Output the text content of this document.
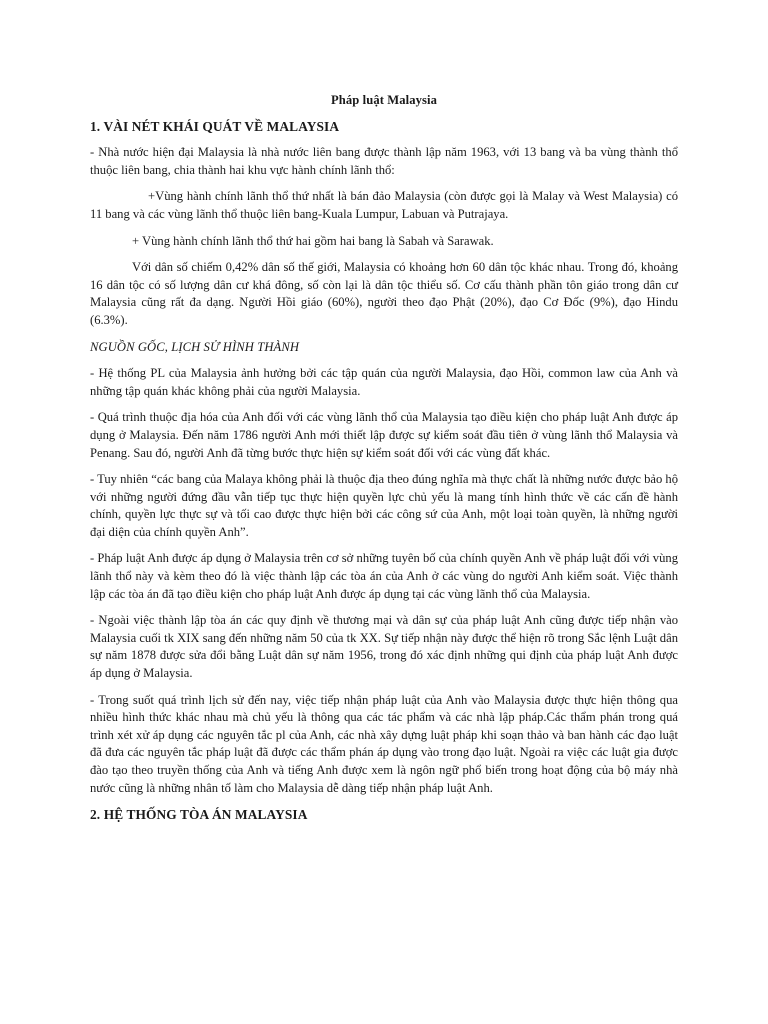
Pháp luật Malaysia
1. VÀI NÉT KHÁI QUÁT VỀ MALAYSIA

- Nhà nước hiện đại Malaysia là nhà nước liên bang được thành lập năm 1963, với 13 bang và ba vùng thành thổ thuộc liên bang, chia thành hai khu vực hành chính lãnh thổ:

+Vùng hành chính lãnh thổ thứ nhất là bán đảo Malaysia (còn được gọi là Malay và West Malaysia) có 11 bang và các vùng lãnh thổ thuộc liên bang-Kuala Lumpur, Labuan và Putrajaya.

+ Vùng hành chính lãnh thổ thứ hai gồm hai bang là Sabah và Sarawak.

Với dân số chiếm 0,42% dân số thế giới, Malaysia có khoảng hơn 60 dân tộc khác nhau. Trong đó, khoảng 16 dân tộc có số lượng dân cư khá đông, số còn lại là dân tộc thiểu số. Cơ cấu thành phần tôn giáo trong dân cư Malaysia cũng rất đa dạng. Người Hồi giáo (60%), người theo đạo Phật (20%), đạo Cơ Đốc (9%), đạo Hindu (6.3%).

NGUỒN GỐC, LỊCH SỬ HÌNH THÀNH

- Hệ thống PL của Malaysia ảnh hưởng bởi các tập quán của người Malaysia, đạo Hồi, common law của Anh và những tập quán khác không phải của người Malaysia.

- Quá trình thuộc địa hóa của Anh đối với các vùng lãnh thổ của Malaysia tạo điều kiện cho pháp luật Anh được áp dụng ở Malaysia. Đến năm 1786 người Anh mới thiết lập được sự kiểm soát đầu tiên ở vùng lãnh thổ Malaysia và Penang. Sau đó, người Anh đã từng bước thực hiện sự kiểm soát đối với các vùng đất khác.

- Tuy nhiên “các bang của Malaya không phải là thuộc địa theo đúng nghĩa mà thực chất là những nước được bảo hộ với những người đứng đầu vẫn tiếp tục thực hiện quyền lực chủ yếu là mang tính hình thức về các cấn đề hành chính, quyền lực thực sự và tối cao được thực hiện bởi các công sứ của Anh, một loại toàn quyền, là những người đại diện của chính quyền Anh”.

- Pháp luật Anh được áp dụng ở Malaysia trên cơ sở những tuyên bố của chính quyền Anh về pháp luật đối với vùng lãnh thổ này và kèm theo đó là việc thành lập các tòa án của Anh ở các vùng do người Anh kiểm soát. Việc thành lập các tòa án đã tạo điều kiện cho pháp luật Anh được áp dụng tại các vùng lãnh thổ của Malaysia.

- Ngoài việc thành lập tòa án các quy định về thương mại và dân sự của pháp luật Anh cũng được tiếp nhận vào Malaysia cuối tk XIX sang đến những năm 50 của tk XX. Sự tiếp nhận này được thể hiện rõ trong Sắc lệnh Luật dân sự năm 1878 được sửa đổi bằng Luật dân sự năm 1956, trong đó xác định những qui định của pháp luật Anh được áp dụng ở Malaysia.

- Trong suốt quá trình lịch sử đến nay, việc tiếp nhận pháp luật của Anh vào Malaysia được thực hiện thông qua nhiều hình thức khác nhau mà chủ yếu là thông qua các tác phẩm và các nhà lập pháp.Các thẩm phán trong quá trình xét xử áp dụng các nguyên tắc pl của Anh, các nhà xây dựng luật pháp khi soạn thảo và ban hành các đạo luật đã đưa các nguyên tắc pháp luật đã được các thẩm phán áp dụng vào trong đạo luật. Ngoài ra việc các luật gia được đào tạo theo truyền thống của Anh và tiếng Anh được xem là ngôn ngữ phổ biến trong hoạt động của bộ máy nhà nước cũng là những nhân tố làm cho Malaysia dễ dàng tiếp nhận pháp luật Anh.

2. HỆ THỐNG TÒA ÁN MALAYSIA
